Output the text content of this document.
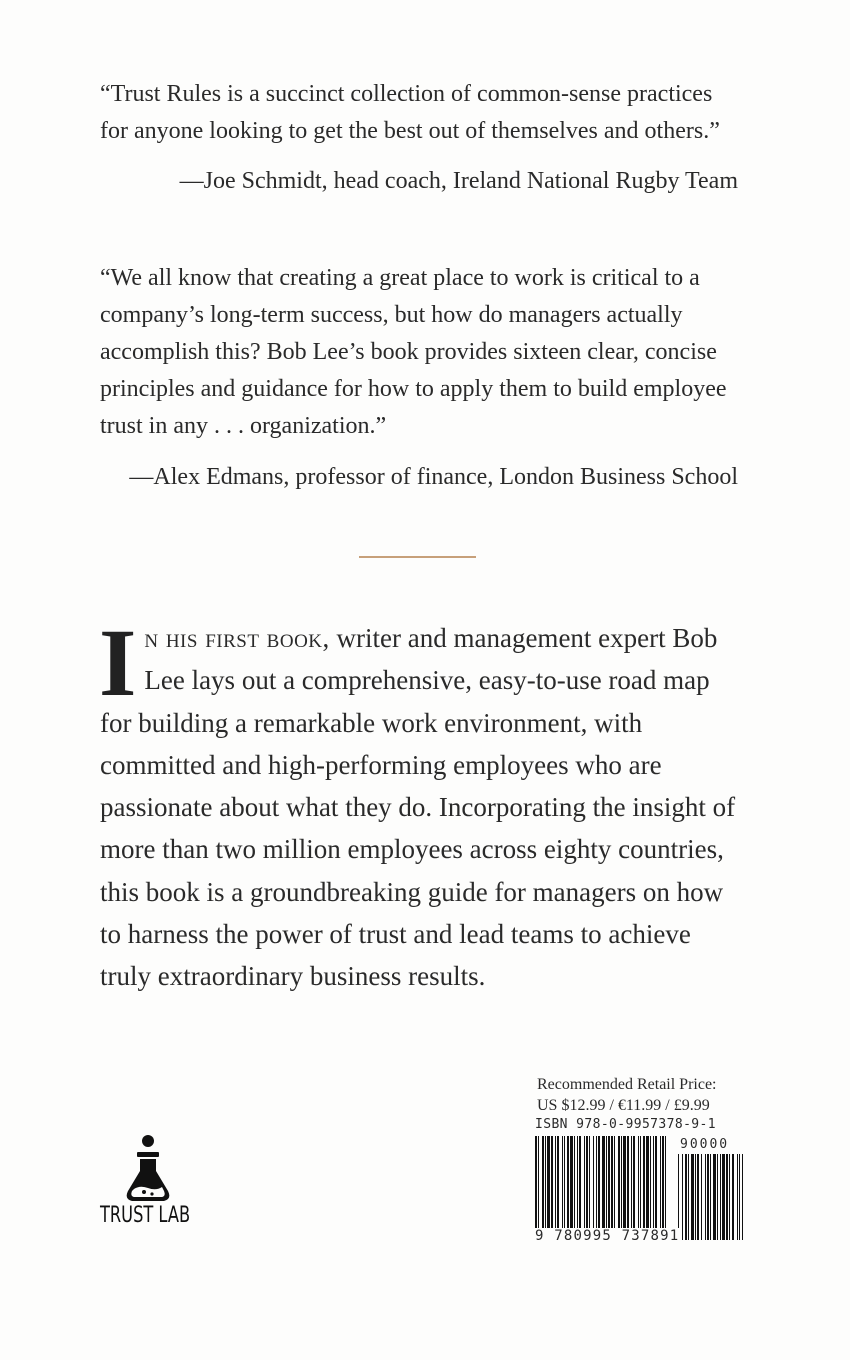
“Trust Rules is a succinct collection of common-sense practices for anyone looking to get the best out of themselves and others.”
—Joe Schmidt, head coach, Ireland National Rugby Team
“We all know that creating a great place to work is critical to a company’s long-term success, but how do managers actually accomplish this? Bob Lee’s book provides sixteen clear, concise principles and guidance for how to apply them to build employee trust in any . . . organization.”
—Alex Edmans, professor of finance, London Business School
In his first book, writer and management expert Bob Lee lays out a comprehensive, easy-to-use road map for building a remarkable work environment, with committed and high-performing employees who are passionate about what they do. Incorporating the insight of more than two million employees across eighty countries, this book is a groundbreaking guide for managers on how to harness the power of trust and lead teams to achieve truly extraordinary business results.
Recommended Retail Price:
US $12.99 / €11.99 / £9.99
ISBN 978-0-9957378-9-1
90000
9 780995 737891
TRUST LAB
